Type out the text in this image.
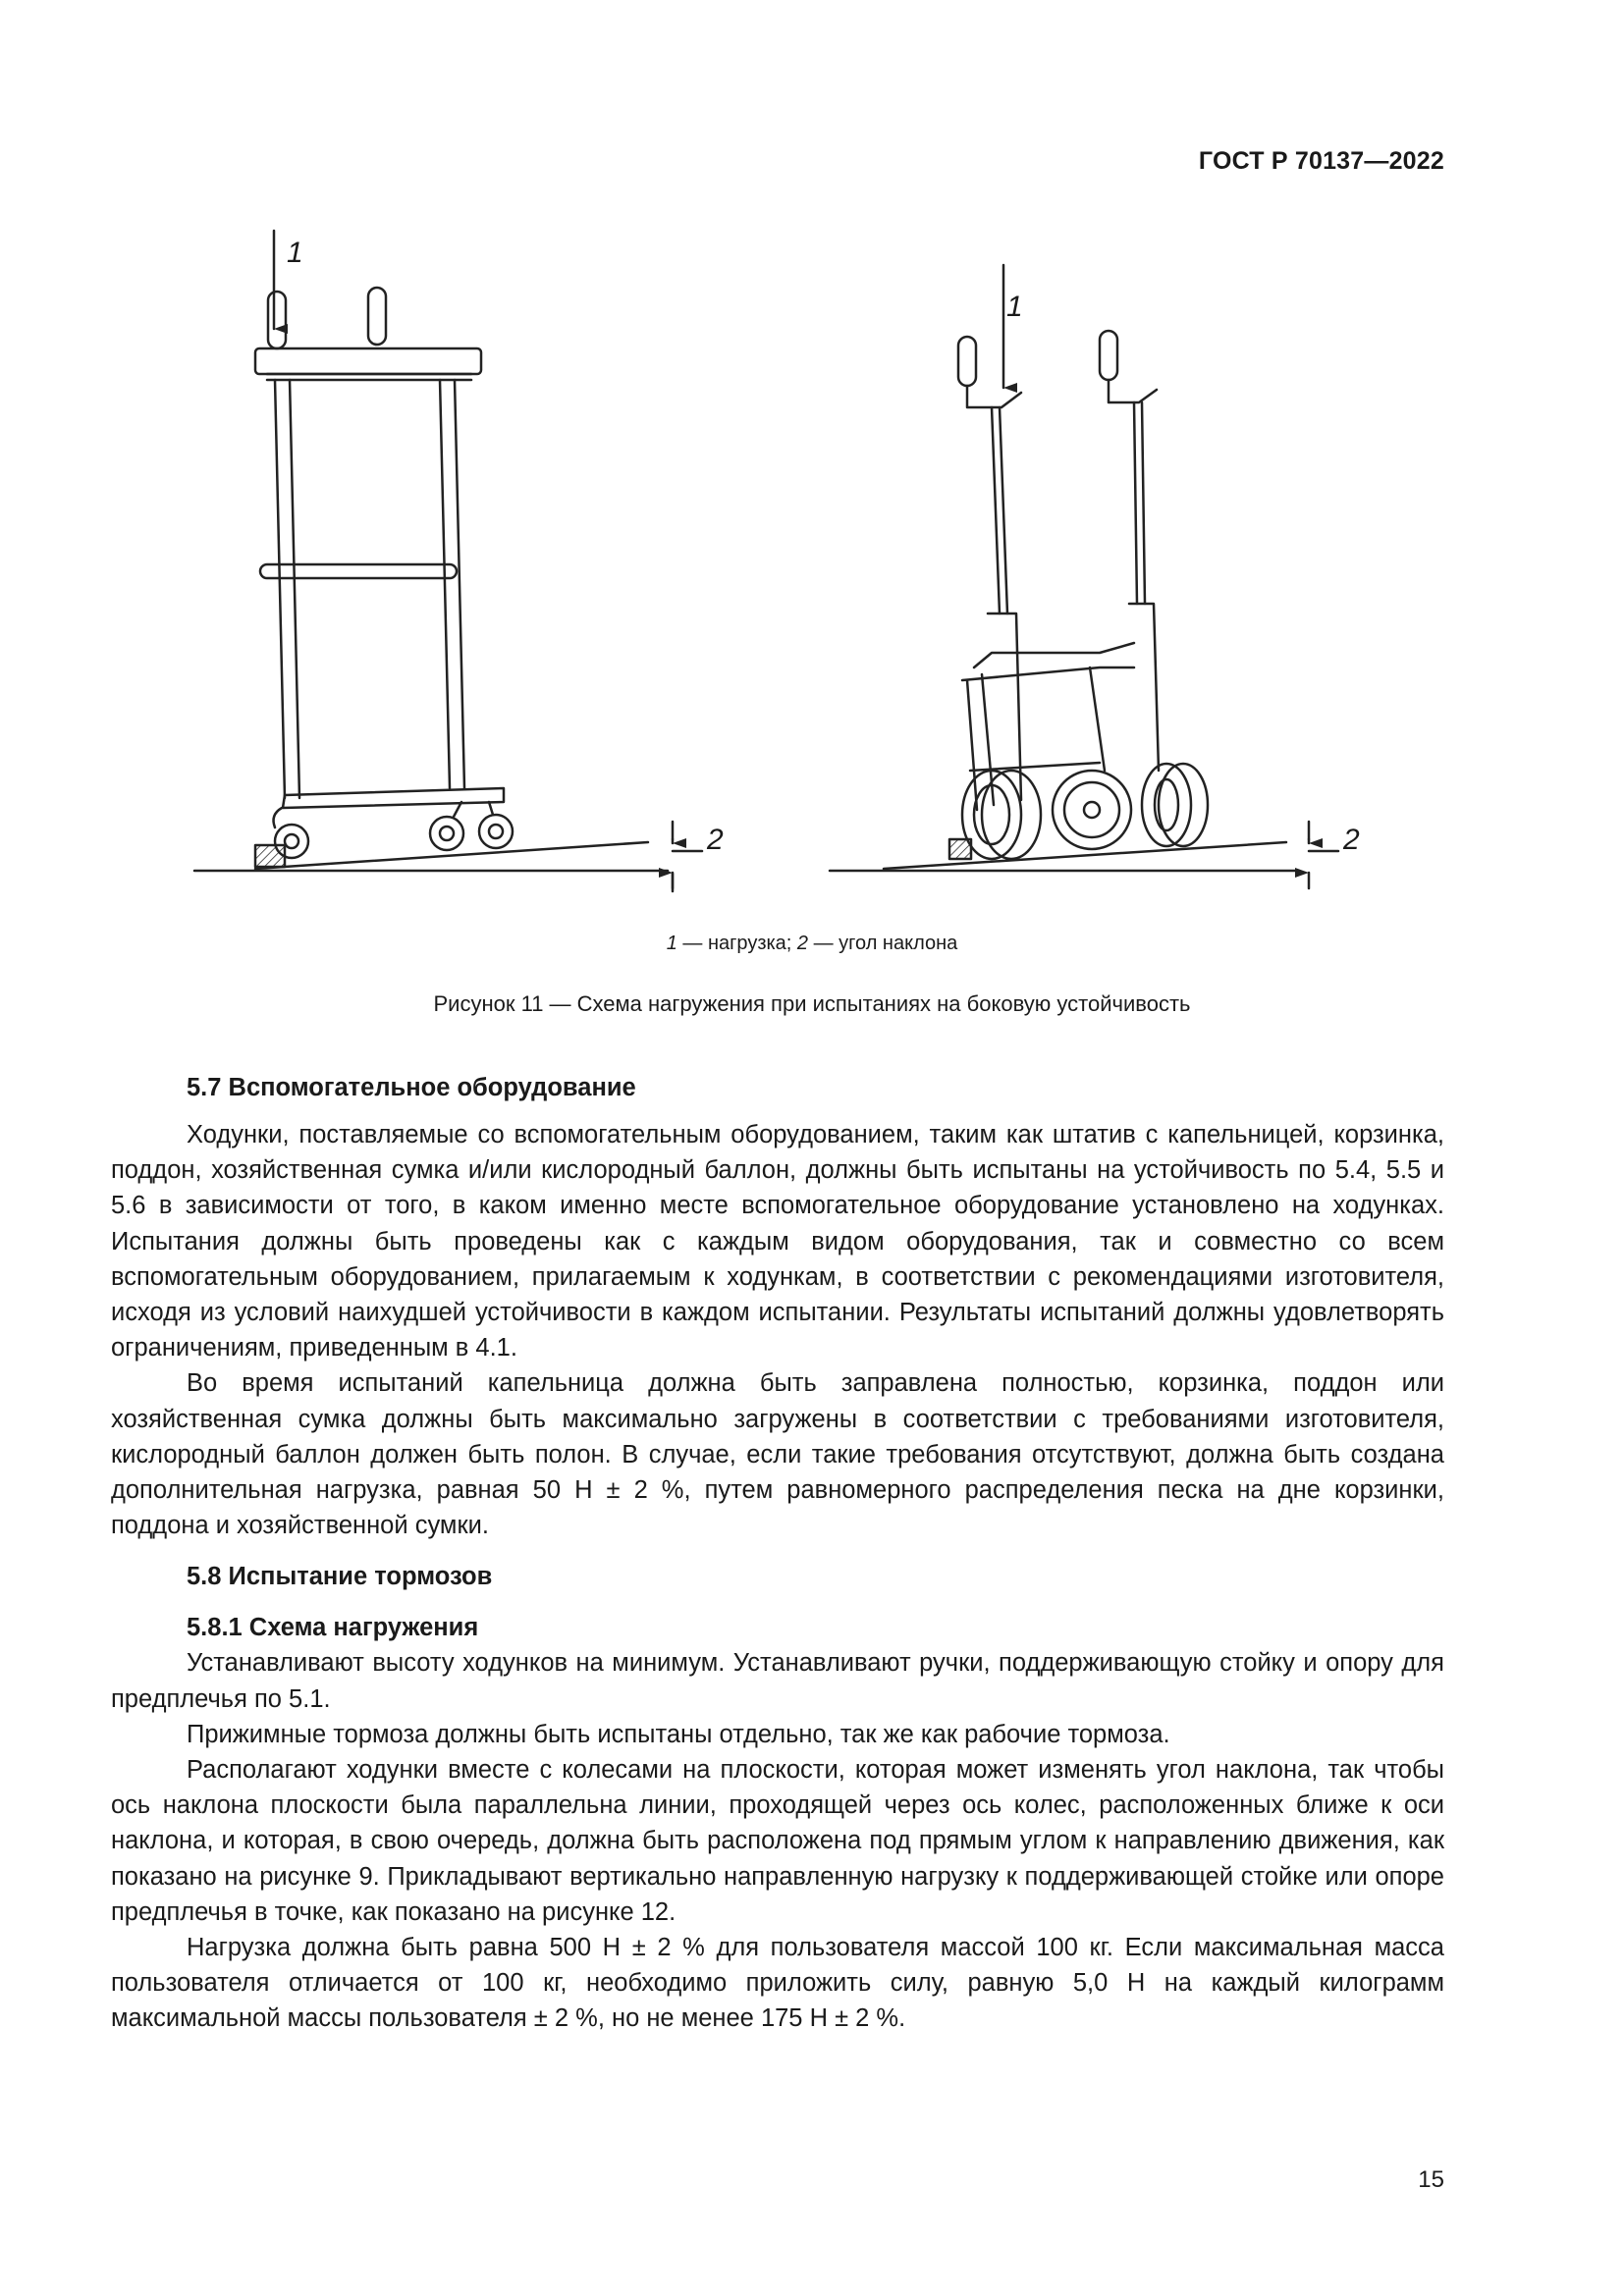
ГОСТ Р 70137—2022
1
2
1
2
1 — нагрузка; 2 — угол наклона
Рисунок 11 — Схема нагружения при испытаниях на боковую устойчивость
5.7 Вспомогательное оборудование

Ходунки, поставляемые со вспомогательным оборудованием, таким как штатив с капельницей, корзинка, поддон, хозяйственная сумка и/или кислородный баллон, должны быть испытаны на устойчивость по 5.4, 5.5 и 5.6 в зависимости от того, в каком именно месте вспомогательное оборудование установлено на ходунках. Испытания должны быть проведены как с каждым видом оборудования, так и совместно со всем вспомогательным оборудованием, прилагаемым к ходункам, в соответствии с рекомендациями изготовителя, исходя из условий наихудшей устойчивости в каждом испытании. Результаты испытаний должны удовлетворять ограничениям, приведенным в 4.1.

Во время испытаний капельница должна быть заправлена полностью, корзинка, поддон или хозяйственная сумка должны быть максимально загружены в соответствии с требованиями изготовителя, кислородный баллон должен быть полон. В случае, если такие требования отсутствуют, должна быть создана дополнительная нагрузка, равная 50 Н ± 2 %, путем равномерного распределения песка на дне корзинки, поддона и хозяйственной сумки.

5.8 Испытание тормозов
5.8.1 Схема нагружения

Устанавливают высоту ходунков на минимум. Устанавливают ручки, поддерживающую стойку и опору для предплечья по 5.1.

Прижимные тормоза должны быть испытаны отдельно, так же как рабочие тормоза.

Располагают ходунки вместе с колесами на плоскости, которая может изменять угол наклона, так чтобы ось наклона плоскости была параллельна линии, проходящей через ось колес, расположенных ближе к оси наклона, и которая, в свою очередь, должна быть расположена под прямым углом к направлению движения, как показано на рисунке 9. Прикладывают вертикально направленную нагрузку к поддерживающей стойке или опоре предплечья в точке, как показано на рисунке 12.

Нагрузка должна быть равна 500 Н ± 2 % для пользователя массой 100 кг. Если максимальная масса пользователя отличается от 100 кг, необходимо приложить силу, равную 5,0 Н на каждый килограмм максимальной массы пользователя ± 2 %, но не менее 175 Н ± 2 %.

15
